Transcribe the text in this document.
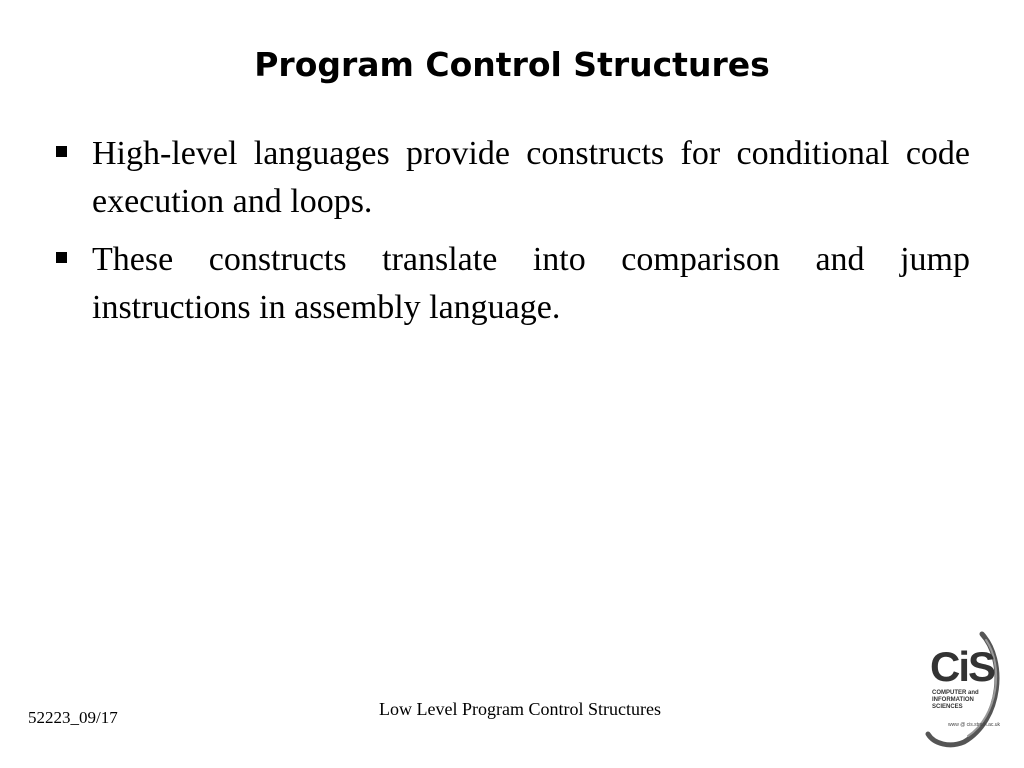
Program Control Structures
High-level languages provide constructs for conditional code execution and loops.
These constructs translate into comparison and jump instructions in assembly language.
52223_09/17	Low Level Program Control Structures
CiS
COMPUTER and
INFORMATION
SCIENCES
www @ cis.strath.ac.uk
